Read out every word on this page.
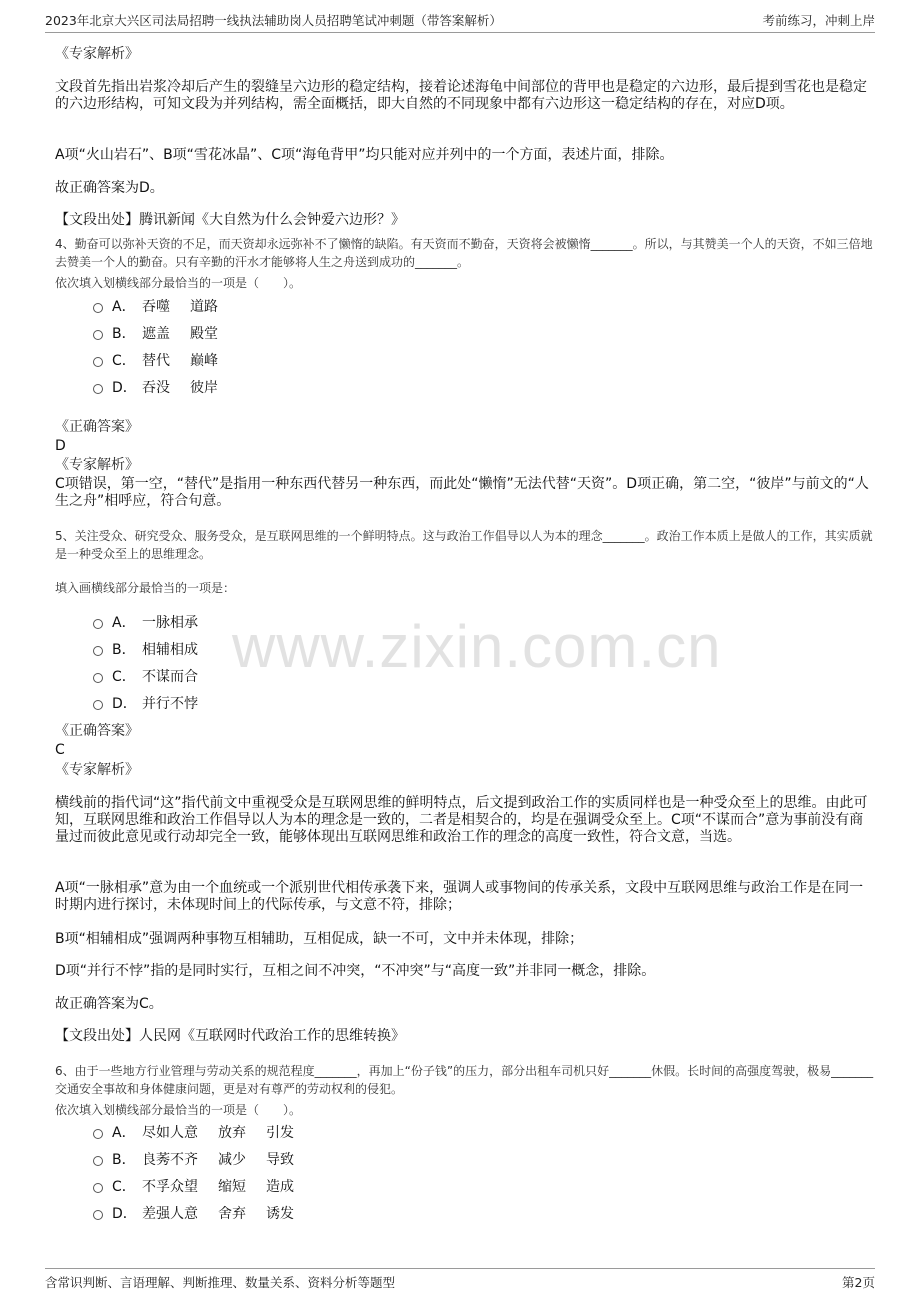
2023年北京大兴区司法局招聘一线执法辅助岗人员招聘笔试冲刺题（带答案解析）	考前练习，冲刺上岸
www.zixin.com.cn
《专家解析》
文段首先指出岩浆冷却后产生的裂缝呈六边形的稳定结构，接着论述海龟中间部位的背甲也是稳定的六边形，最后提到雪花也是稳定的六边形结构，可知文段为并列结构，需全面概括，即大自然的不同现象中都有六边形这一稳定结构的存在，对应D项。
A项“火山岩石”、B项“雪花冰晶”、C项“海龟背甲”均只能对应并列中的一个方面，表述片面，排除。
故正确答案为D。
【文段出处】腾讯新闻《大自然为什么会钟爱六边形？》
4、勤奋可以弥补天资的不足，而天资却永远弥补不了懒惰的缺陷。有天资而不勤奋，天资将会被懒惰_______。所以，与其赞美一个人的天资，不如三倍地去赞美一个人的勤奋。只有辛勤的汗水才能够将人生之舟送到成功的_______。
依次填入划横线部分最恰当的一项是（　　）。
A． 吞噬 道路
B． 遮盖 殿堂
C． 替代 巅峰
D． 吞没 彼岸
《正确答案》
D
《专家解析》
C项错误，第一空，“替代”是指用一种东西代替另一种东西，而此处“懒惰”无法代替“天资”。D项正确，第二空，“彼岸”与前文的“人生之舟”相呼应，符合句意。
5、关注受众、研究受众、服务受众，是互联网思维的一个鲜明特点。这与政治工作倡导以人为本的理念_______。政治工作本质上是做人的工作，其实质就是一种受众至上的思维理念。
填入画横线部分最恰当的一项是：
A． 一脉相承
B． 相辅相成
C． 不谋而合
D． 并行不悖
《正确答案》
C
《专家解析》
横线前的指代词“这”指代前文中重视受众是互联网思维的鲜明特点，后文提到政治工作的实质同样也是一种受众至上的思维。由此可知，互联网思维和政治工作倡导以人为本的理念是一致的，二者是相契合的，均是在强调受众至上。C项“不谋而合”意为事前没有商量过而彼此意见或行动却完全一致，能够体现出互联网思维和政治工作的理念的高度一致性，符合文意，当选。
A项“一脉相承”意为由一个血统或一个派别世代相传承袭下来，强调人或事物间的传承关系，文段中互联网思维与政治工作是在同一时期内进行探讨，未体现时间上的代际传承，与文意不符，排除；
B项“相辅相成”强调两种事物互相辅助，互相促成，缺一不可，文中并未体现，排除；
D项“并行不悖”指的是同时实行，互相之间不冲突，“不冲突”与“高度一致”并非同一概念，排除。
故正确答案为C。
【文段出处】人民网《互联网时代政治工作的思维转换》
6、由于一些地方行业管理与劳动关系的规范程度_______，再加上“份子钱”的压力，部分出租车司机只好_______休假。长时间的高强度驾驶，极易_______交通安全事故和身体健康问题，更是对有尊严的劳动权利的侵犯。
依次填入划横线部分最恰当的一项是（　　）。
A． 尽如人意 放弃 引发
B． 良莠不齐 减少 导致
C． 不孚众望 缩短 造成
D． 差强人意 舍弃 诱发
含常识判断、言语理解、判断推理、数量关系、资料分析等题型	第2页
